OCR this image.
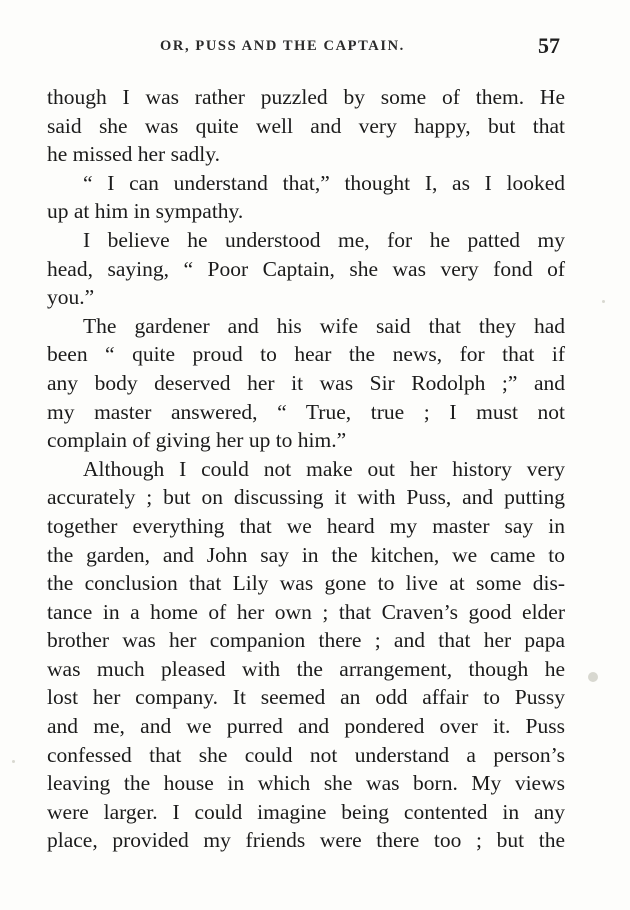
OR, PUSS AND THE CAPTAIN.	57
though I was rather puzzled by some of them. He
said she was quite well and very happy, but that
he missed her sadly.
“ I can understand that,” thought I, as I looked
up at him in sympathy.
I believe he understood me, for he patted my
head, saying, “ Poor Captain, she was very fond of
you.”
The gardener and his wife said that they had
been “ quite proud to hear the news, for that if
any body deserved her it was Sir Rodolph ;” and
my master answered, “ True, true ; I must not
complain of giving her up to him.”
Although I could not make out her history very
accurately ; but on discussing it with Puss, and putting
together everything that we heard my master say in
the garden, and John say in the kitchen, we came to
the conclusion that Lily was gone to live at some dis-
tance in a home of her own ; that Craven’s good elder
brother was her companion there ; and that her papa
was much pleased with the arrangement, though he
lost her company. It seemed an odd affair to Pussy
and me, and we purred and pondered over it. Puss
confessed that she could not understand a person’s
leaving the house in which she was born. My views
were larger. I could imagine being contented in any
place, provided my friends were there too ; but the
